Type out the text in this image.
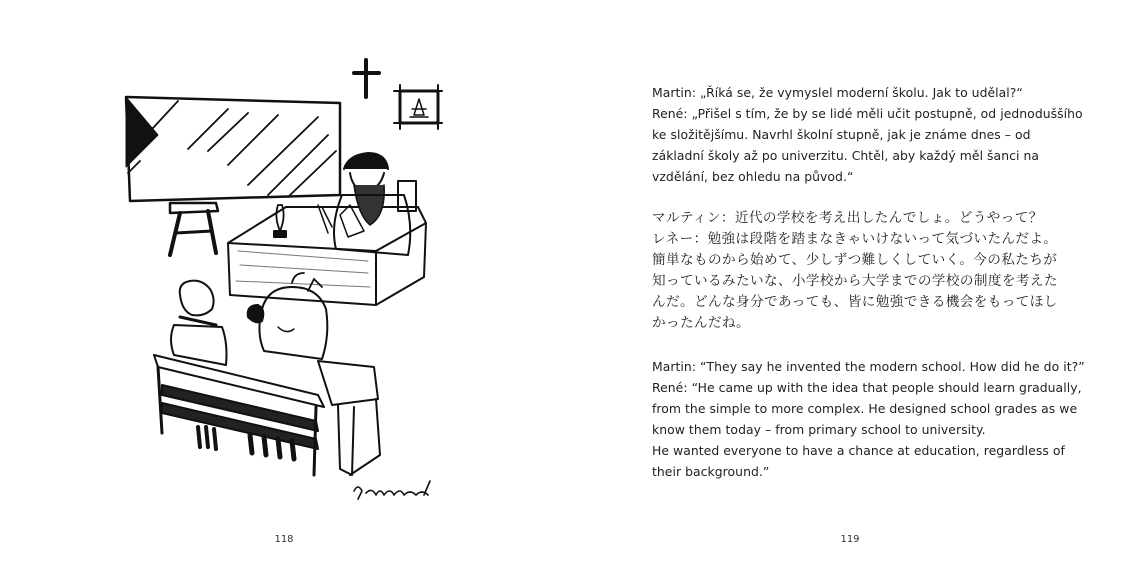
118
Martin: „Říká se, že vymyslel moderní školu. Jak to udělal?“
René: „Přišel s tím, že by se lidé měli učit postupně, od jednoduššího
ke složitějšímu. Navrhl školní stupně, jak je známe dnes – od
základní školy až po univerzitu. Chtěl, aby každý měl šanci na
vzdělání, bez ohledu na původ.“
マルティン：近代の学校を考え出したんでしょ。どうやって？
レネー：勉強は段階を踏まなきゃいけないって気づいたんだよ。
簡単なものから始めて、少しずつ難しくしていく。今の私たちが
知っているみたいな、小学校から大学までの学校の制度を考えた
んだ。どんな身分であっても、皆に勉強できる機会をもってほし
かったんだね。
Martin: “They say he invented the modern school. How did he do it?”
René: “He came up with the idea that people should learn gradually,
from the simple to more complex. He designed school grades as we
know them today – from primary school to university.
He wanted everyone to have a chance at education, regardless of
their background.”
119
